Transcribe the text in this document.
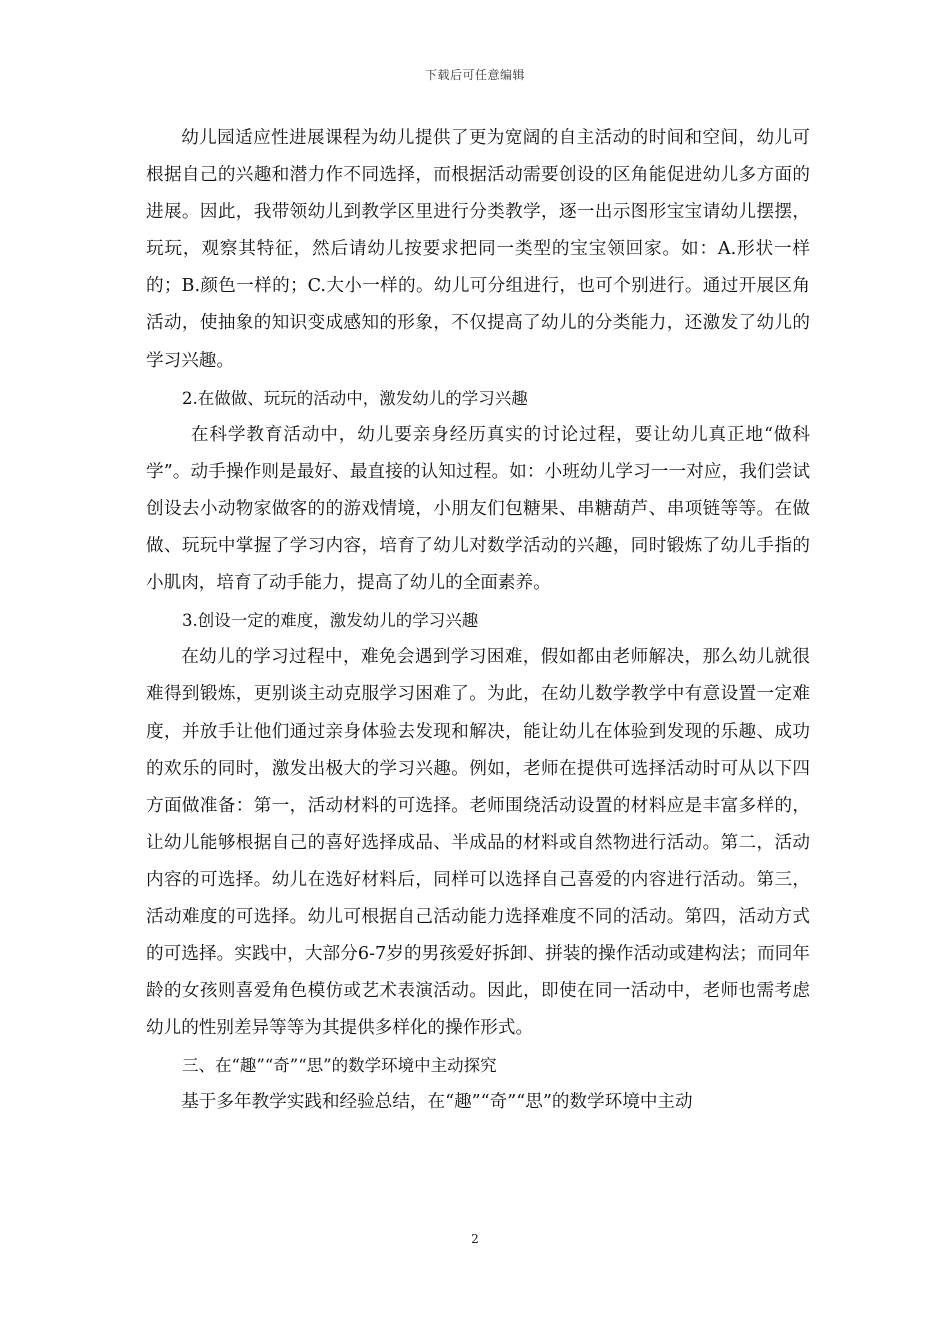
下载后可任意编辑

幼儿园适应性进展课程为幼儿提供了更为宽阔的自主活动的时间和空间，幼儿可根据自己的兴趣和潜力作不同选择，而根据活动需要创设的区角能促进幼儿多方面的进展。因此，我带领幼儿到教学区里进行分类教学，逐一出示图形宝宝请幼儿摆摆，玩玩，观察其特征，然后请幼儿按要求把同一类型的宝宝领回家。如：A.形状一样的；B.颜色一样的；C.大小一样的。幼儿可分组进行，也可个别进行。通过开展区角活动，使抽象的知识变成感知的形象，不仅提高了幼儿的分类能力，还激发了幼儿的学习兴趣。

2.在做做、玩玩的活动中，激发幼儿的学习兴趣

在科学教育活动中，幼儿要亲身经历真实的讨论过程，要让幼儿真正地“做科学”。动手操作则是最好、最直接的认知过程。如：小班幼儿学习一一对应，我们尝试创设去小动物家做客的的游戏情境，小朋友们包糖果、串糖葫芦、串项链等等。在做做、玩玩中掌握了学习内容，培育了幼儿对数学活动的兴趣，同时锻炼了幼儿手指的小肌肉，培育了动手能力，提高了幼儿的全面素养。

3.创设一定的难度，激发幼儿的学习兴趣

在幼儿的学习过程中，难免会遇到学习困难，假如都由老师解决，那么幼儿就很难得到锻炼，更别谈主动克服学习困难了。为此，在幼儿数学教学中有意设置一定难度，并放手让他们通过亲身体验去发现和解决，能让幼儿在体验到发现的乐趣、成功的欢乐的同时，激发出极大的学习兴趣。例如，老师在提供可选择活动时可从以下四方面做准备：第一，活动材料的可选择。老师围绕活动设置的材料应是丰富多样的，让幼儿能够根据自己的喜好选择成品、半成品的材料或自然物进行活动。第二，活动内容的可选择。幼儿在选好材料后，同样可以选择自己喜爱的内容进行活动。第三，活动难度的可选择。幼儿可根据自己活动能力选择难度不同的活动。第四，活动方式的可选择。实践中，大部分6-7岁的男孩爱好拆卸、拼装的操作活动或建构法；而同年龄的女孩则喜爱角色模仿或艺术表演活动。因此，即使在同一活动中，老师也需考虑幼儿的性别差异等等为其提供多样化的操作形式。

三、在“趣”“奇”“思”的数学环境中主动探究

基于多年教学实践和经验总结，在“趣”“奇”“思”的数学环境中主动

2
